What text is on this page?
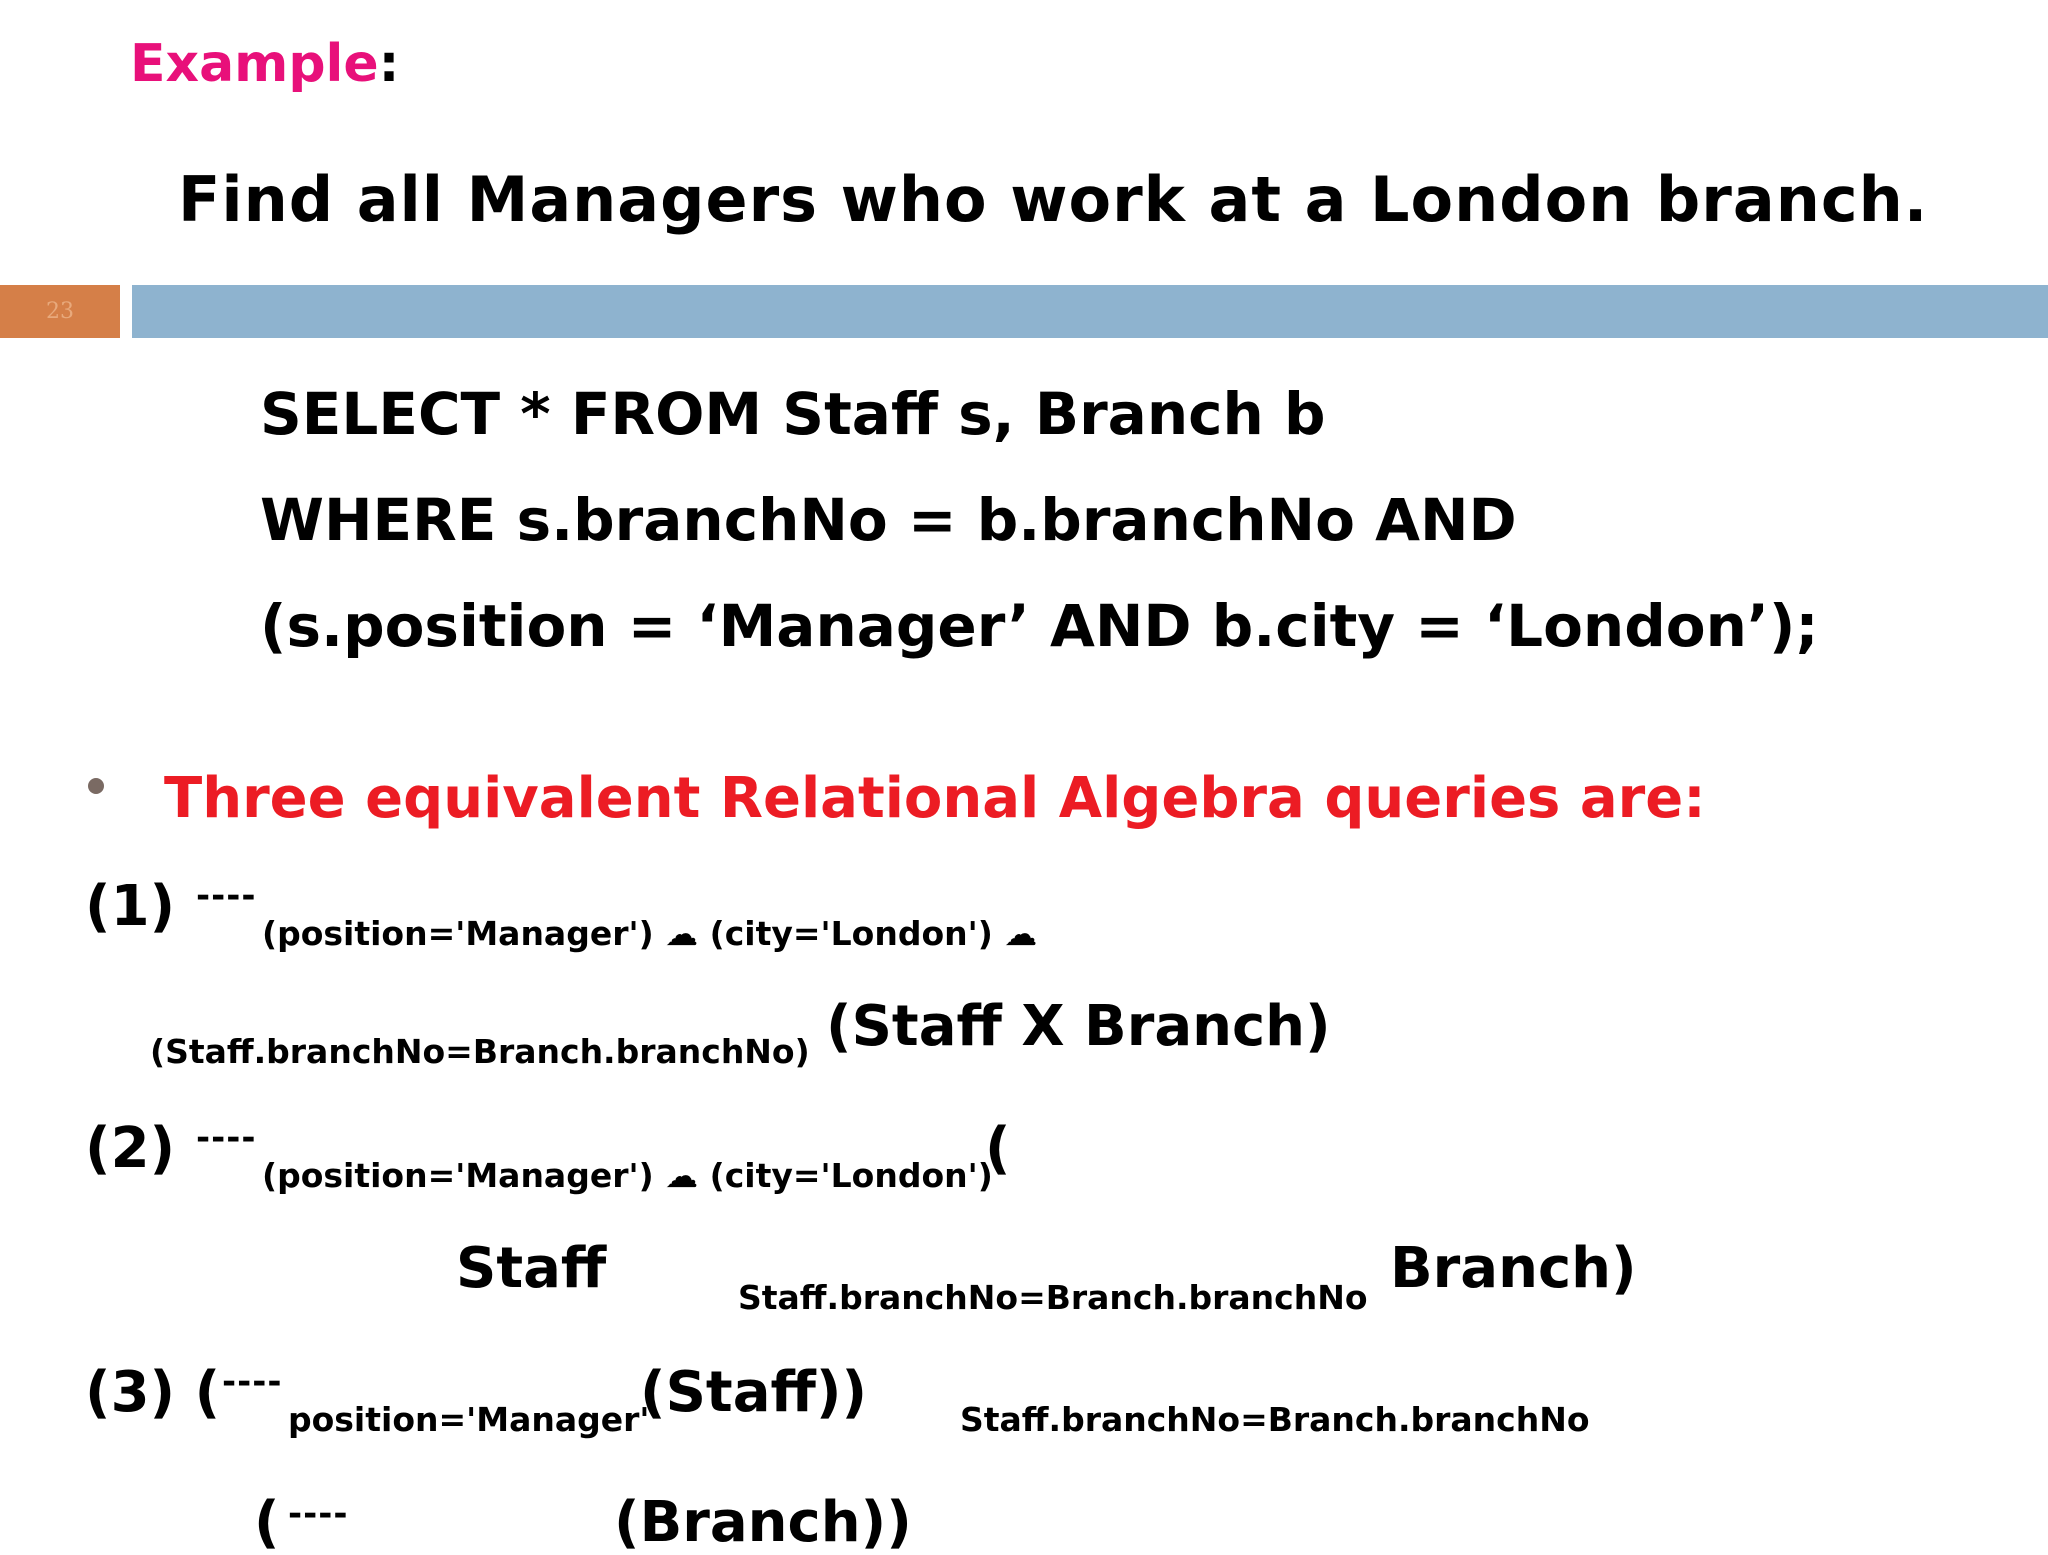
Example:
Find all Managers who work at a London branch.
23
SELECT * FROM Staff s, Branch b
WHERE s.branchNo = b.branchNo AND
(s.position = ‘Manager’ AND b.city = ‘London’);
Three equivalent Relational Algebra queries are:
(1) ----
(position='Manager') ☁ (city='London') ☁
(Staff.branchNo=Branch.branchNo) (Staff X Branch)
(2) ----
(position='Manager') ☁ (city='London')
(
Staff	Staff.branchNo=Branch.branchNo Branch)
(3) ( ----
position='Manager'
(Staff))	Staff.branchNo=Branch.branchNo
( ----	(Branch))
